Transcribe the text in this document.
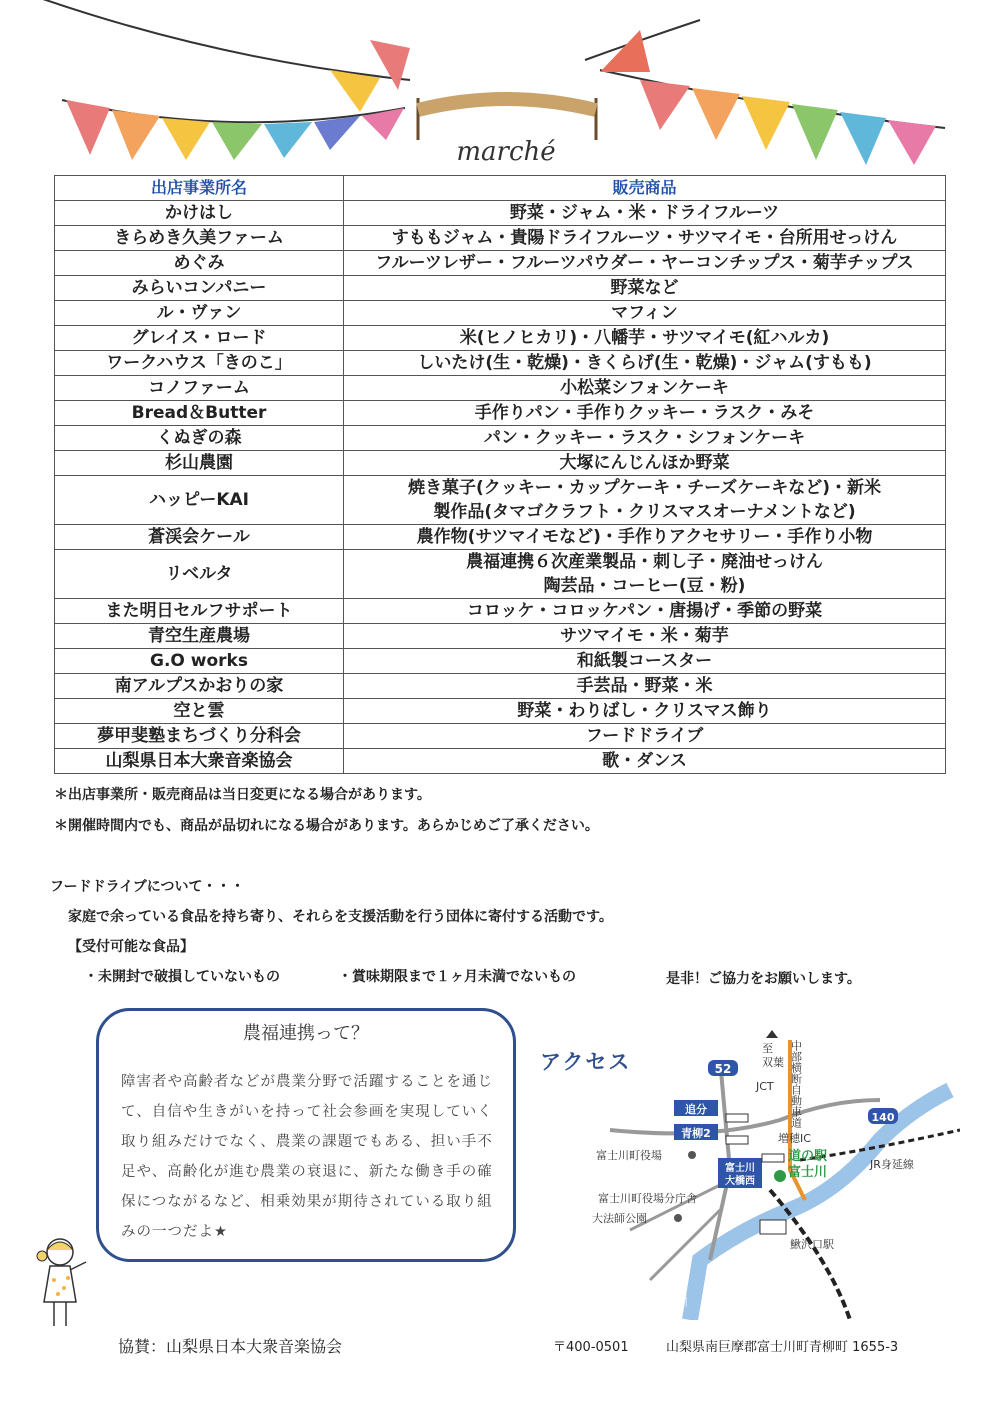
marché
出店事業所名	販売商品
かけはし	野菜・ジャム・米・ドライフルーツ
きらめき久美ファーム	すももジャム・貴陽ドライフルーツ・サツマイモ・台所用せっけん
めぐみ	フルーツレザー・フルーツパウダー・ヤーコンチップス・菊芋チップス
みらいコンパニー	野菜など
ル・ヴァン	マフィン
グレイス・ロード	米(ヒノヒカリ)・八幡芋・サツマイモ(紅ハルカ)
ワークハウス「きのこ」	しいたけ(生・乾燥)・きくらげ(生・乾燥)・ジャム(すもも)
コノファーム	小松菜シフォンケーキ
Bread＆Butter	手作りパン・手作りクッキー・ラスク・みそ
くぬぎの森	パン・クッキー・ラスク・シフォンケーキ
杉山農園	大塚にんじんほか野菜
ハッピーKAI	焼き菓子(クッキー・カップケーキ・チーズケーキなど)・新米
製作品(タマゴクラフト・クリスマスオーナメントなど)
蒼渓会ケール	農作物(サツマイモなど)・手作りアクセサリー・手作り小物
リベルタ	農福連携６次産業製品・刺し子・廃油せっけん
陶芸品・コーヒー(豆・粉)
また明日セルフサポート	コロッケ・コロッケパン・唐揚げ・季節の野菜
青空生産農場	サツマイモ・米・菊芋
G.O works	和紙製コースター
南アルプスかおりの家	手芸品・野菜・米
空と雲	野菜・わりばし・クリスマス飾り
夢甲斐塾まちづくり分科会	フードドライブ
山梨県日本大衆音楽協会	歌・ダンス
＊出店事業所・販売商品は当日変更になる場合があります。
＊開催時間内でも、商品が品切れになる場合があります。あらかじめご了承ください。
フードドライブについて・・・
家庭で余っている食品を持ち寄り、それらを支援活動を行う団体に寄付する活動です。
【受付可能な食品】
・未開封で破損していないもの	・賞味期限まで１ヶ月未満でないもの	是非！ご協力をお願いします。
農福連携って？
障害者や高齢者などが農業分野で活躍することを通じて、自信や生きがいを持って社会参画を実現していく取り組みだけでなく、農業の課題でもある、担い手不足や、高齢化が進む農業の衰退に、新たな働き手の確保につながるなど、相乗効果が期待されている取り組みの一つだよ★
アクセス	52
140
追分
青柳2
富士川
大橋西
富士川町役場
富士川町役場分庁舎
大法師公園
至
双葉
JCT 中部横断自動車道
増穂IC
道の駅
富士川
JR身延線
鰍沢口駅
富士川
協賛：山梨県日本大衆音楽協会	〒400-0501	山梨県南巨摩郡富士川町青柳町 1655-3
